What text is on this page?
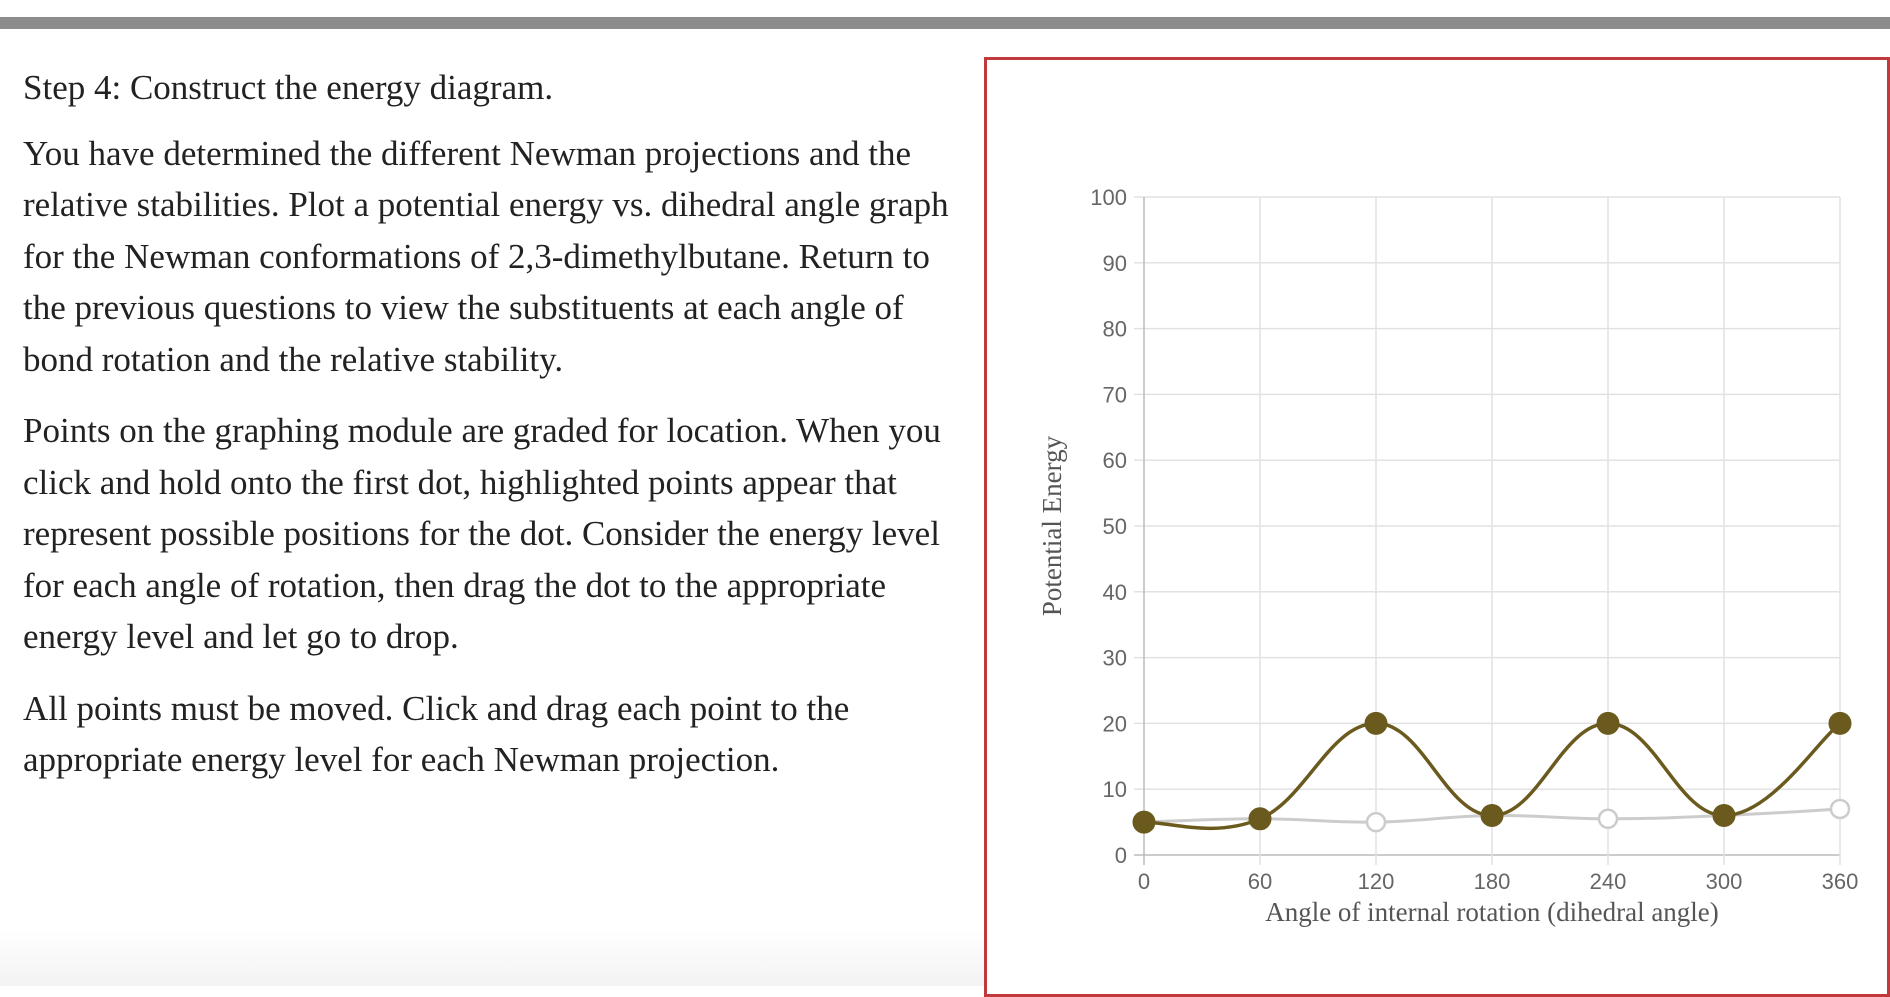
Step 4: Construct the energy diagram.

You have determined the different Newman projections and the relative stabilities. Plot a potential energy vs. dihedral angle graph for the Newman conformations of 2,3-dimethylbutane. Return to the previous questions to view the substituents at each angle of bond rotation and the relative stability.

Points on the graphing module are graded for location. When you click and hold onto the first dot, highlighted points appear that represent possible positions for the dot. Consider the energy level for each angle of rotation, then drag the dot to the appropriate energy level and let go to drop.

All points must be moved. Click and drag each point to the appropriate energy level for each Newman projection.

0
10
20
30
40
50
60
70
80
90
100
0	60	120	180	240	300	360
Potential Energy
Angle of internal rotation (dihedral angle)
